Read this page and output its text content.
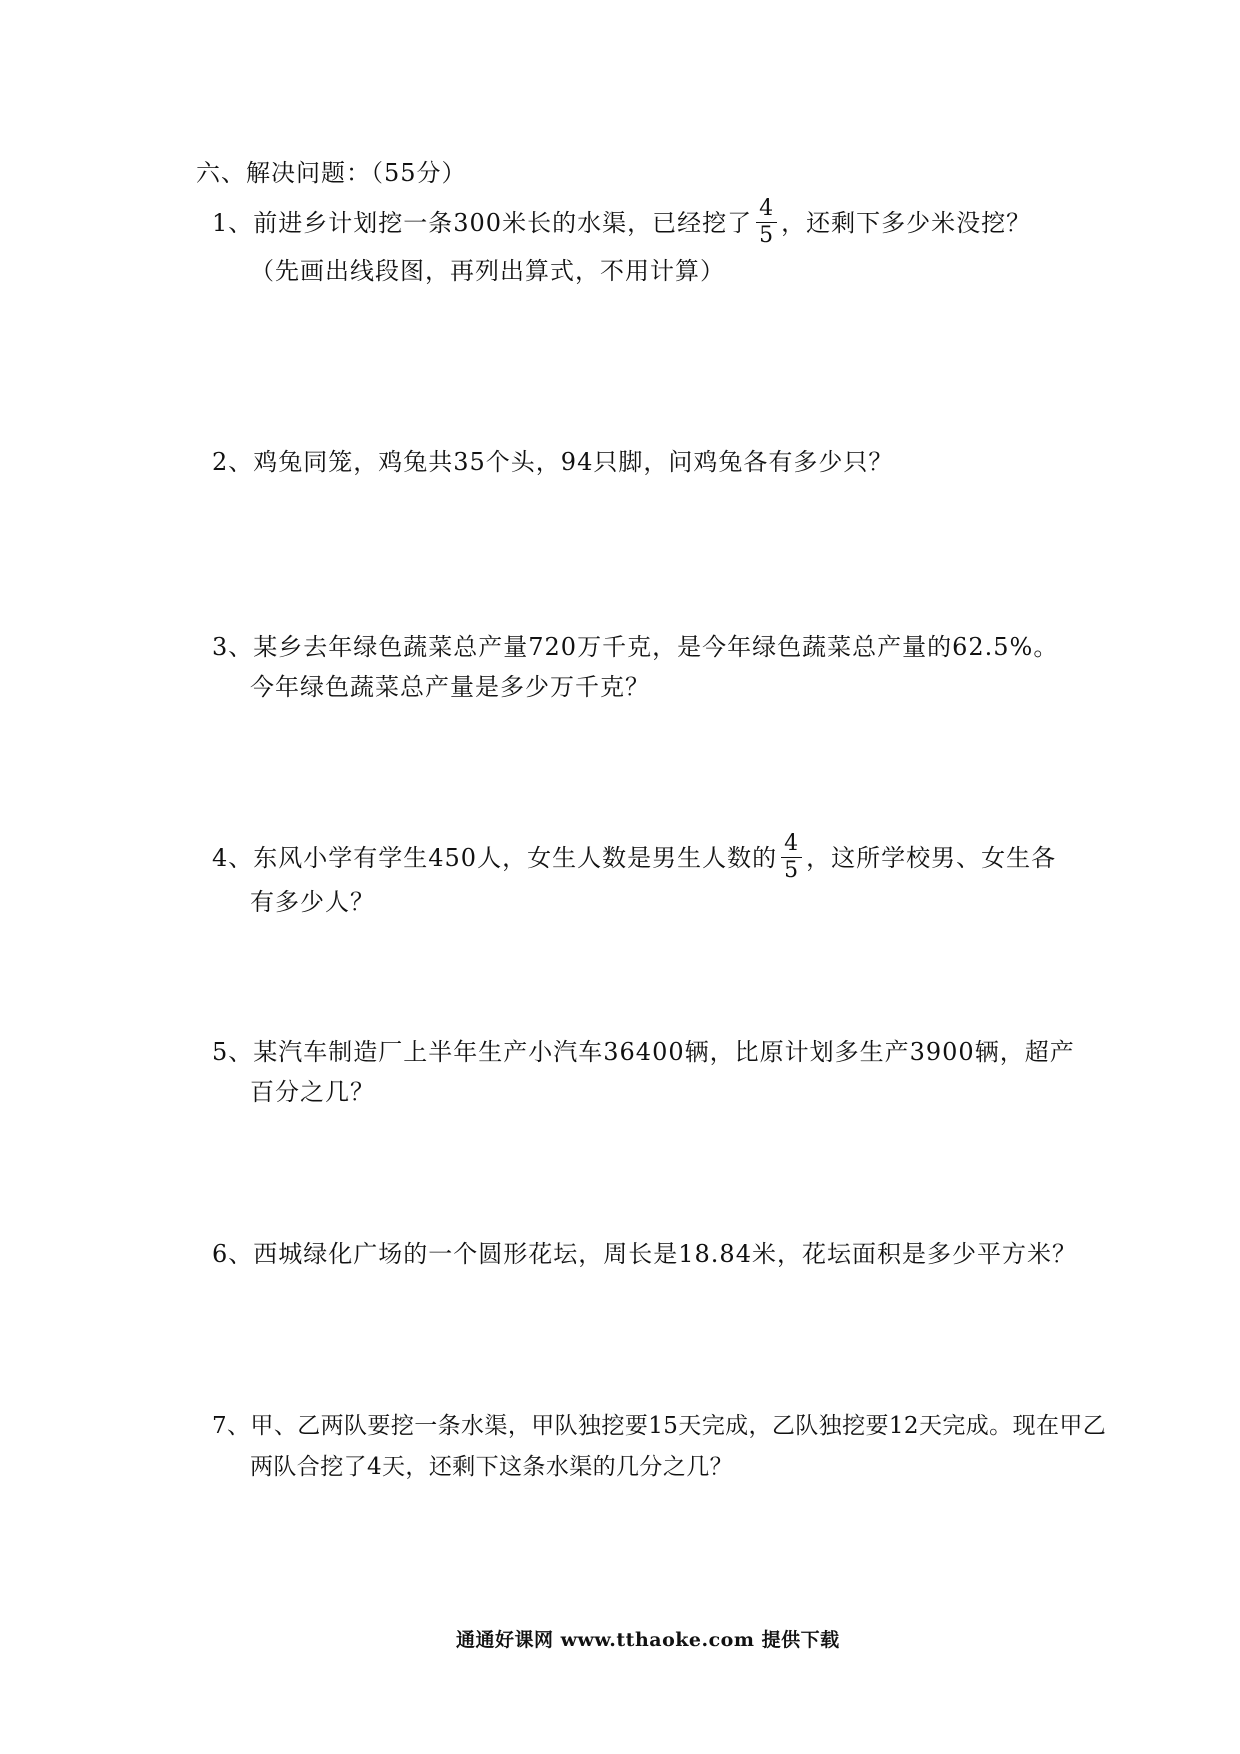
六、解决问题：（55分）
1、前进乡计划挖一条300米长的水渠，已经挖了 $\frac{4}{5}$ ，还剩下多少米没挖？
（先画出线段图，再列出算式，不用计算）
2、鸡兔同笼，鸡兔共35个头，94只脚，问鸡兔各有多少只？
3、某乡去年绿色蔬菜总产量720万千克，是今年绿色蔬菜总产量的62.5%。
今年绿色蔬菜总产量是多少万千克？
4、东风小学有学生450人，女生人数是男生人数的 $\frac{4}{5}$ ，这所学校男、女生各
有多少人？
5、某汽车制造厂上半年生产小汽车36400辆，比原计划多生产3900辆，超产
百分之几？
6、西城绿化广场的一个圆形花坛，周长是18.84米，花坛面积是多少平方米？
7、甲、乙两队要挖一条水渠，甲队独挖要15天完成，乙队独挖要12天完成。现在甲乙
两队合挖了4天，还剩下这条水渠的几分之几？
通通好课网 www.tthaoke.com 提供下载
